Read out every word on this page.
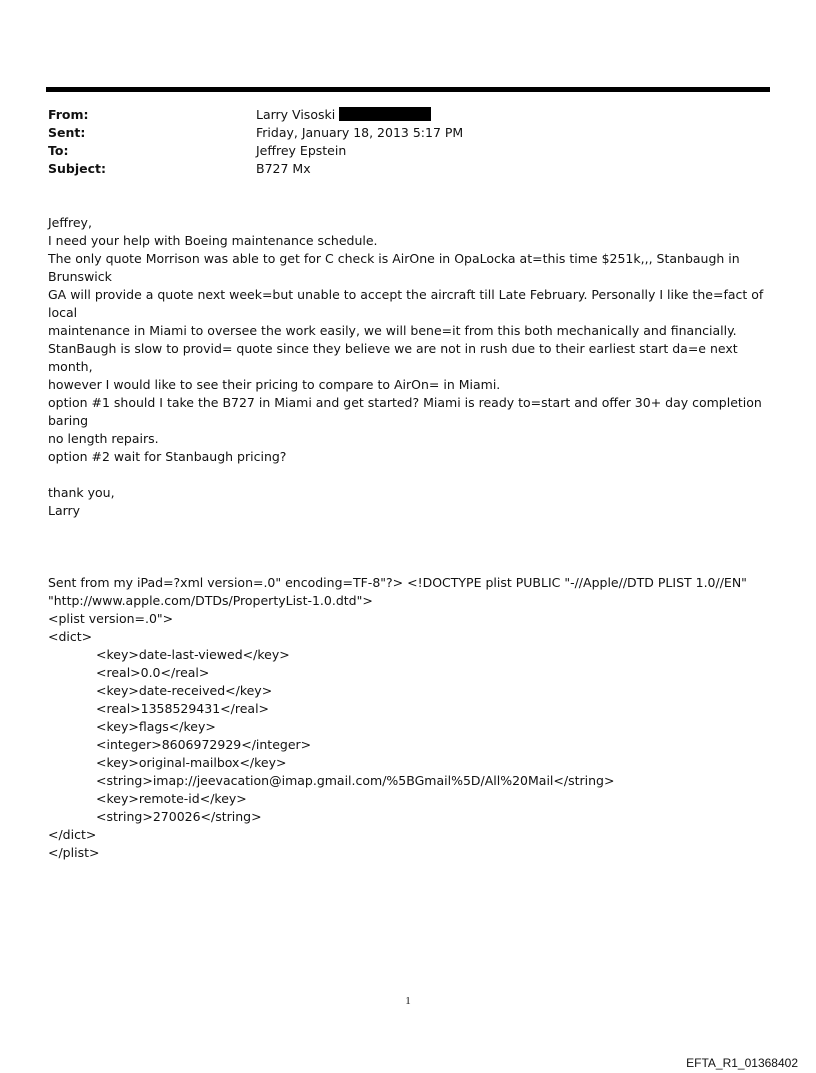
From:	Larry Visoski
Sent:	Friday, January 18, 2013 5:17 PM
To:	Jeffrey Epstein
Subject:	B727 Mx

Jeffrey,

I need your help with Boeing maintenance schedule.

The only quote Morrison was able to get for C check is AirOne in OpaLocka at=this time $251k,,, Stanbaugh in Brunswick

GA will provide a quote next week=but unable to accept the aircraft till Late February. Personally I like the=fact of local

maintenance in Miami to oversee the work easily, we will bene=it from this both mechanically and financially.

StanBaugh is slow to provid= quote since they believe we are not in rush due to their earliest start da=e next month,

however I would like to see their pricing to compare to AirOn= in Miami.

option #1 should I take the B727 in Miami and get started? Miami is ready to=start and offer 30+ day completion baring

no length repairs.

option #2 wait for Stanbaugh pricing?

thank you,

Larry

Sent from my iPad=?xml version=.0" encoding=TF-8"?> <!DOCTYPE plist PUBLIC "-//Apple//DTD PLIST 1.0//EN"

"http://www.apple.com/DTDs/PropertyList-1.0.dtd">

<plist version=.0">

<dict>

<key>date-last-viewed</key>

<real>0.0</real>

<key>date-received</key>

<real>1358529431</real>

<key>flags</key>

<integer>8606972929</integer>

<key>original-mailbox</key>

<string>imap://jeevacation@imap.gmail.com/%5BGmail%5D/All%20Mail</string>

<key>remote-id</key>

<string>270026</string>

</dict>

</plist>

1
EFTA_R1_01368402
